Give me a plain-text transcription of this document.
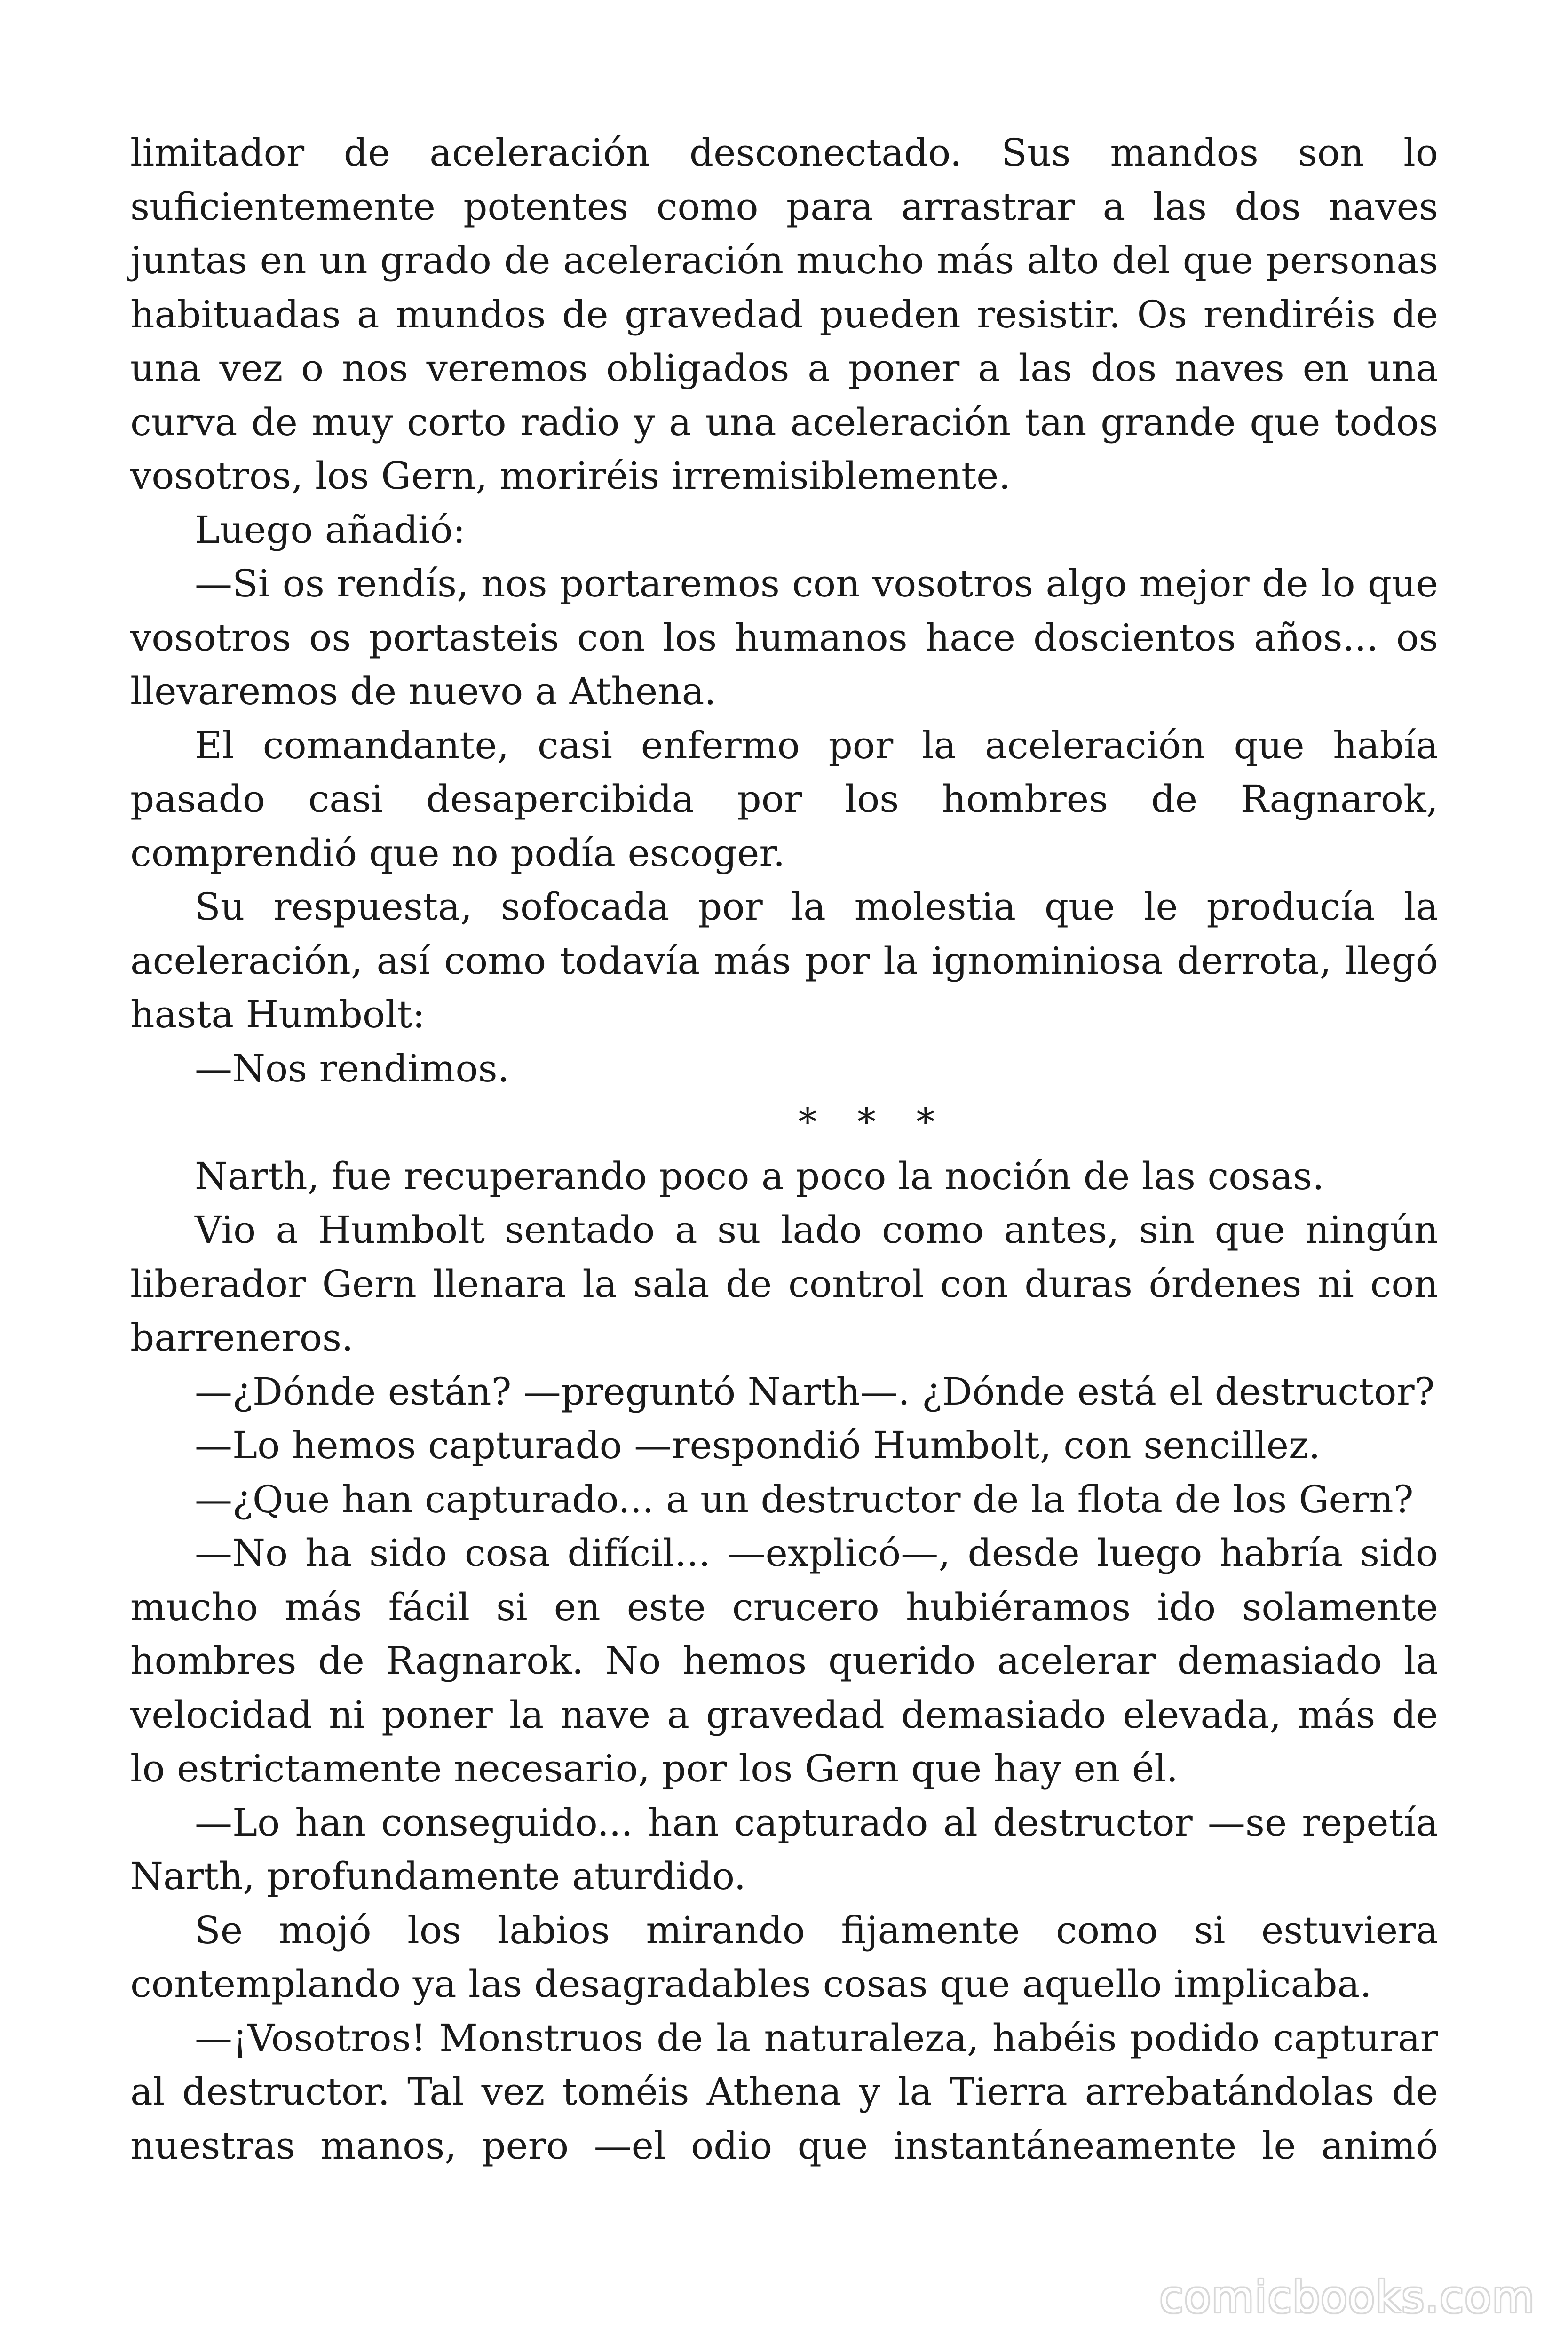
limitador de aceleración desconectado. Sus mandos son lo suficientemente potentes como para arrastrar a las dos naves juntas en un grado de aceleración mucho más alto del que personas habituadas a mundos de gravedad pueden resistir. Os rendiréis de una vez o nos veremos obligados a poner a las dos naves en una curva de muy corto radio y a una aceleración tan grande que todos vosotros, los Gern, moriréis irremisiblemente.

Luego añadió:

—Si os rendís, nos portaremos con vosotros algo mejor de lo que vosotros os portasteis con los humanos hace doscientos años... os llevaremos de nuevo a Athena.

El comandante, casi enfermo por la aceleración que había pasado casi desapercibida por los hombres de Ragnarok, comprendió que no podía escoger.

Su respuesta, sofocada por la molestia que le producía la aceleración, así como todavía más por la ignominiosa derrota, llegó hasta Humbolt:

—Nos rendimos.

* * *

Narth, fue recuperando poco a poco la noción de las cosas.

Vio a Humbolt sentado a su lado como antes, sin que ningún liberador Gern llenara la sala de control con duras órdenes ni con barreneros.

—¿Dónde están? —preguntó Narth—. ¿Dónde está el destructor?

—Lo hemos capturado —respondió Humbolt, con sencillez.

—¿Que han capturado... a un destructor de la flota de los Gern?

—No ha sido cosa difícil... —explicó—, desde luego habría sido mucho más fácil si en este crucero hubiéramos ido solamente hombres de Ragnarok. No hemos querido acelerar demasiado la velocidad ni poner la nave a gravedad demasiado elevada, más de lo estrictamente necesario, por los Gern que hay en él.

—Lo han conseguido... han capturado al destructor —se repetía Narth, profundamente aturdido.

Se mojó los labios mirando fijamente como si estuviera contemplando ya las desagradables cosas que aquello implicaba.

—¡Vosotros! Monstruos de la naturaleza, habéis podido capturar al destructor. Tal vez toméis Athena y la Tierra arrebatándolas de nuestras manos, pero —el odio que instantáneamente le animó

comicbooks.com
